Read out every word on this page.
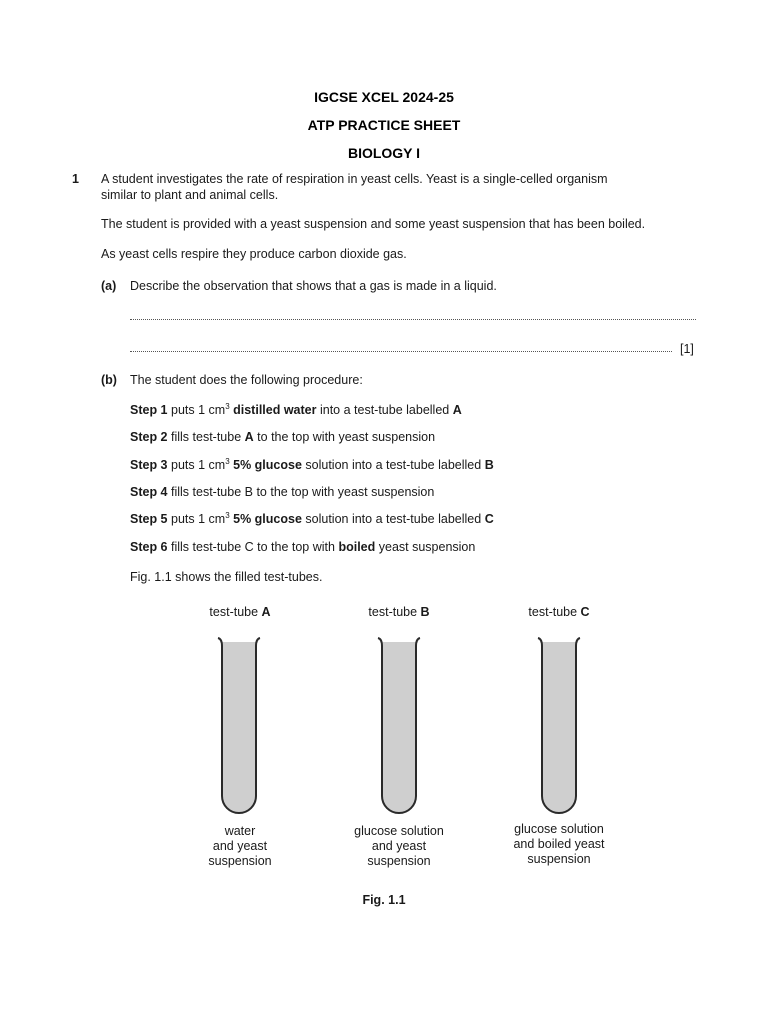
IGCSE XCEL 2024-25
ATP PRACTICE SHEET
BIOLOGY I
1 A student investigates the rate of respiration in yeast cells. Yeast is a single-celled organism
similar to plant and animal cells.
The student is provided with a yeast suspension and some yeast suspension that has been boiled.
As yeast cells respire they produce carbon dioxide gas.
(a) Describe the observation that shows that a gas is made in a liquid.
[1]
(b) The student does the following procedure:
Step 1 puts 1 $cm^3$ distilled water into a test-tube labelled A
Step 2 fills test-tube A to the top with yeast suspension
Step 3 puts 1 $cm^3$ 5% glucose solution into a test-tube labelled B
Step 4 fills test-tube B to the top with yeast suspension
Step 5 puts 1 $cm^3$ 5% glucose solution into a test-tube labelled C
Step 6 fills test-tube C to the top with boiled yeast suspension
Fig. 1.1 shows the filled test-tubes.
test-tube A	test-tube B	test-tube C
water
and yeast
suspension
glucose solution
and yeast
suspension
glucose solution
and boiled yeast
suspension
Fig. 1.1
